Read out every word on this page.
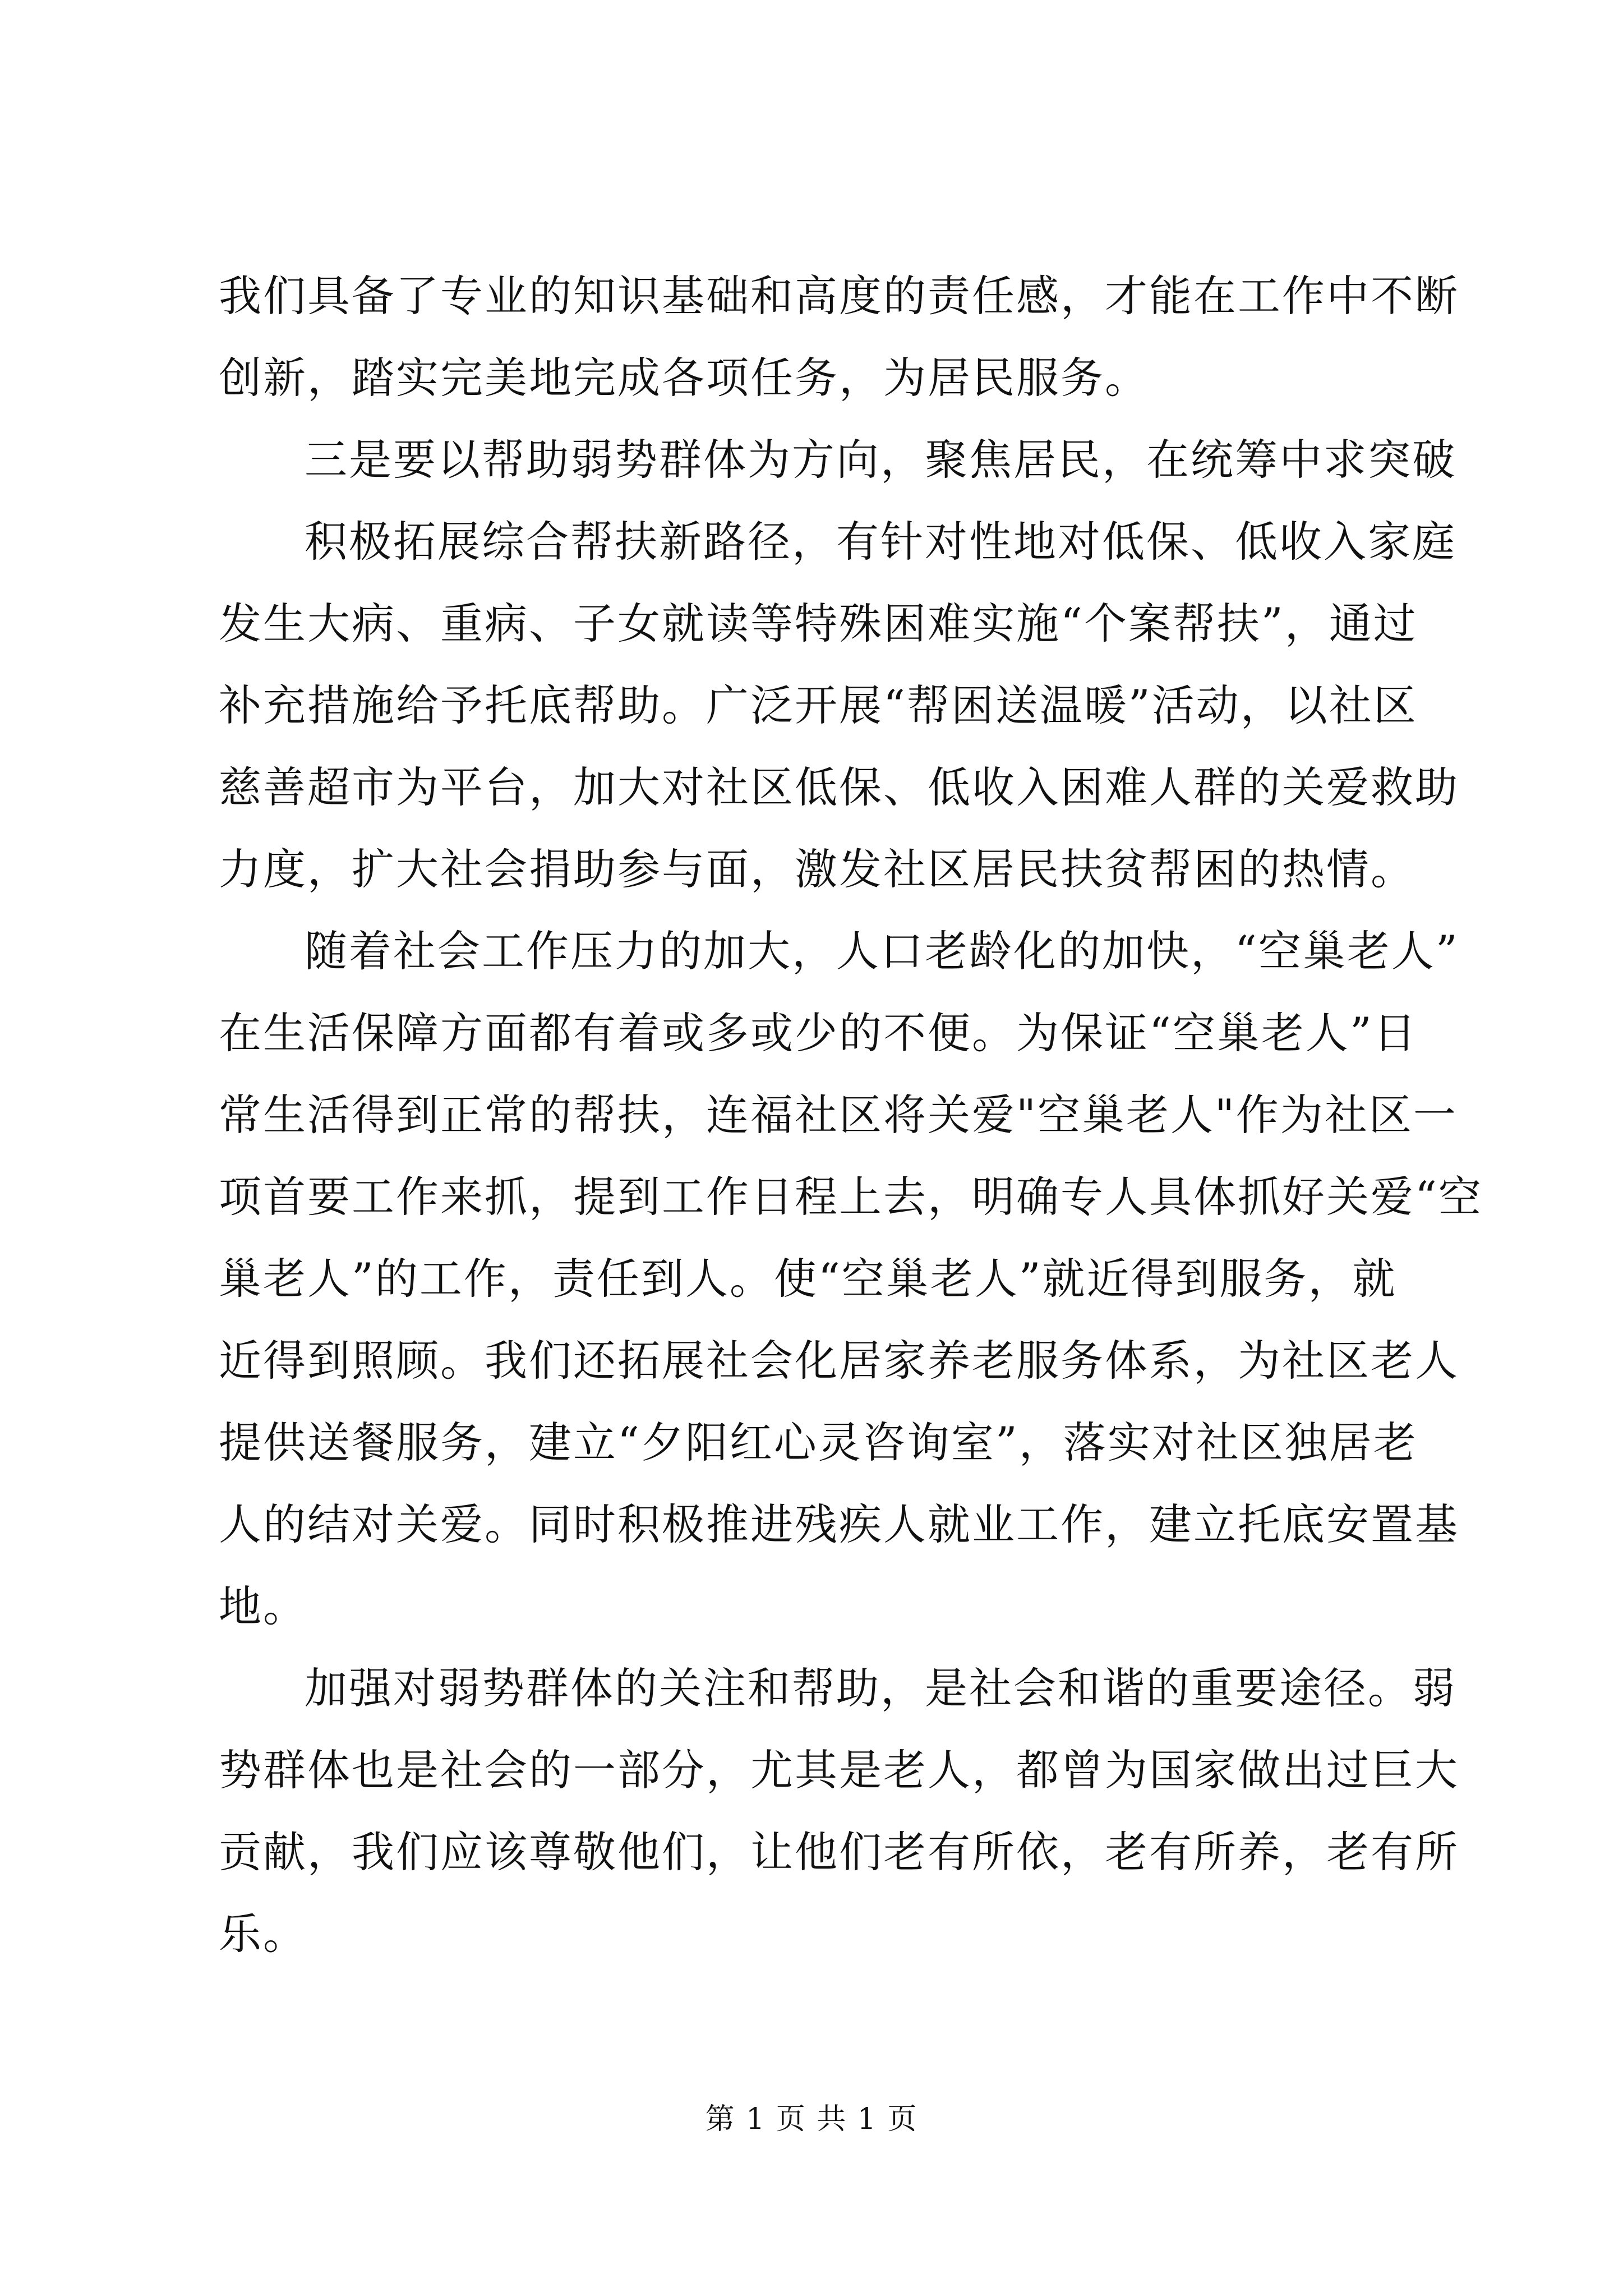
我们具备了专业的知识基础和高度的责任感，才能在工作中不断
创新，踏实完美地完成各项任务，为居民服务。
三是要以帮助弱势群体为方向，聚焦居民，在统筹中求突破
积极拓展综合帮扶新路径，有针对性地对低保、低收入家庭
发生大病、重病、子女就读等特殊困难实施“个案帮扶”，通过
补充措施给予托底帮助。广泛开展“帮困送温暖”活动，以社区
慈善超市为平台，加大对社区低保、低收入困难人群的关爱救助
力度，扩大社会捐助参与面，激发社区居民扶贫帮困的热情。
随着社会工作压力的加大，人口老龄化的加快，“空巢老人”
在生活保障方面都有着或多或少的不便。为保证“空巢老人”日
常生活得到正常的帮扶，连福社区将关爱"空巢老人"作为社区一
项首要工作来抓，提到工作日程上去，明确专人具体抓好关爱“空
巢老人”的工作，责任到人。使“空巢老人”就近得到服务，就
近得到照顾。我们还拓展社会化居家养老服务体系，为社区老人
提供送餐服务，建立“夕阳红心灵咨询室”，落实对社区独居老
人的结对关爱。同时积极推进残疾人就业工作，建立托底安置基
地。
加强对弱势群体的关注和帮助，是社会和谐的重要途径。弱
势群体也是社会的一部分，尤其是老人，都曾为国家做出过巨大
贡献，我们应该尊敬他们，让他们老有所依，老有所养，老有所
乐。
第 1 页 共 1 页
